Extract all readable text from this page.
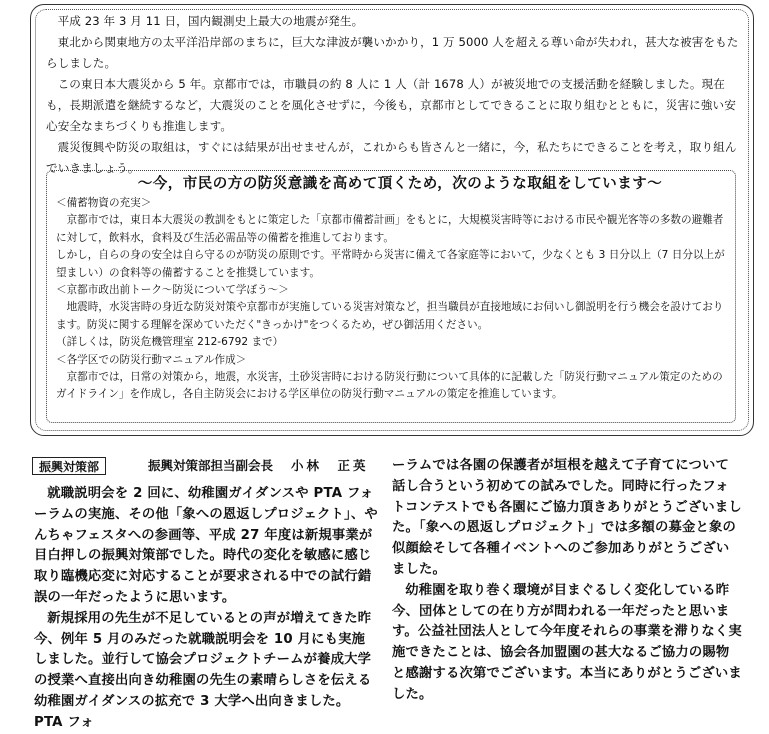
平成 23 年 3 月 11 日，国内観測史上最大の地震が発生。

東北から関東地方の太平洋沿岸部のまちに，巨大な津波が襲いかかり，1 万 5000 人を超える尊い命が失われ，甚大な被害をもたらしました。

この東日本大震災から 5 年。京都市では，市職員の約 8 人に 1 人（計 1678 人）が被災地での支援活動を経験しました。現在も，長期派遣を継続するなど，大震災のことを風化させずに，今後も，京都市としてできることに取り組むとともに，災害に強い安心安全なまちづくりも推進します。

震災復興や防災の取組は，すぐには結果が出せませんが，これからも皆さんと一緒に，今，私たちにできることを考え，取り組んでいきましょう。

～今，市民の方の防災意識を高めて頂くため，次のような取組をしています～

＜備蓄物資の充実＞

京都市では，東日本大震災の教訓をもとに策定した「京都市備蓄計画」をもとに，大規模災害時等における市民や観光客等の多数の避難者に対して，飲料水，食料及び生活必需品等の備蓄を推進しております。

しかし，自らの身の安全は自ら守るのが防災の原則です。平常時から災害に備えて各家庭等において，少なくとも 3 日分以上（7 日分以上が望ましい）の食料等の備蓄することを推奨しています。

＜京都市政出前トーク～防災について学ぼう～＞

地震時，水災害時の身近な防災対策や京都市が実施している災害対策など，担当職員が直接地域にお伺いし御説明を行う機会を設けております。防災に関する理解を深めていただく"きっかけ"をつくるため，ぜひ御活用ください。

（詳しくは，防災危機管理室 212-6792 まで）

＜各学区での防災行動マニュアル作成＞

京都市では，日常の対策から，地震，水災害，土砂災害時における防災行動について具体的に記載した「防災行動マニュアル策定のためのガイドライン」を作成し，各自主防災会における学区単位の防災行動マニュアルの策定を推進しています。

振興対策部	振興対策部担当副会長 小林　正英

就職説明会を 2 回に、幼稚園ガイダンスや PTA フォーラムの実施、その他「象への恩返しプロジェクト」、やんちゃフェスタへの参画等、平成 27 年度は新規事業が目白押しの振興対策部でした。時代の変化を敏感に感じ取り臨機応変に対応することが要求される中での試行錯誤の一年だったように思います。

新規採用の先生が不足しているとの声が増えてきた昨今、例年 5 月のみだった就職説明会を 10 月にも実施しました。並行して協会プロジェクトチームが養成大学の授業へ直接出向き幼稚園の先生の素晴らしさを伝える幼稚園ガイダンスの拡充で 3 大学へ出向きました。PTA フォ

ーラムでは各園の保護者が垣根を越えて子育てについて話し合うという初めての試みでした。同時に行ったフォトコンテストでも各園にご協力頂きありがとうございました。「象への恩返しプロジェクト」では多額の募金と象の似顔絵そして各種イベントへのご参加ありがとうございました。

幼稚園を取り巻く環境が目まぐるしく変化している昨今、団体としての在り方が問われる一年だったと思います。公益社団法人として今年度それらの事業を滞りなく実施できたことは、協会各加盟園の甚大なるご協力の賜物と感謝する次第でございます。本当にありがとうございました。
